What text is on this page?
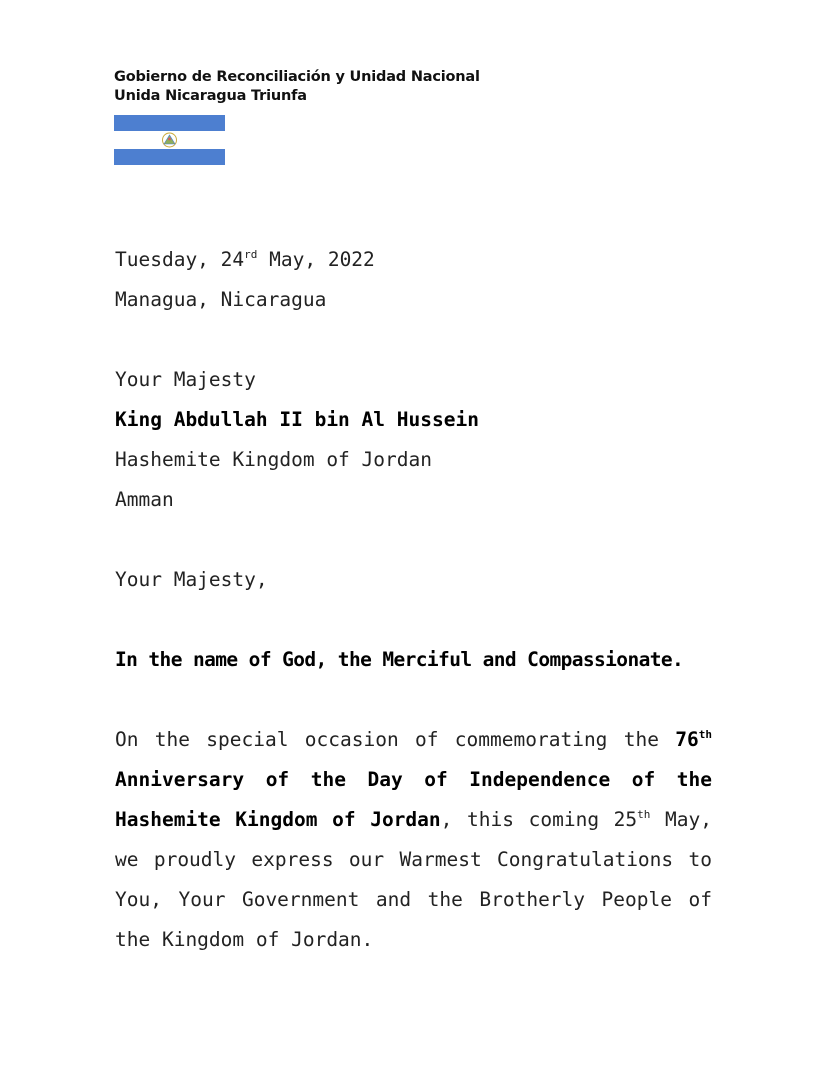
Gobierno de Reconciliación y Unidad Nacional
Unida Nicaragua Triunfa
Tuesday, 24rd May, 2022
Managua, Nicaragua
Your Majesty
King Abdullah II bin Al Hussein
Hashemite Kingdom of Jordan
Amman
Your Majesty,
In the name of God, the Merciful and Compassionate.
On the special occasion of commemorating the 76th Anniversary of the Day of Independence of the Hashemite Kingdom of Jordan, this coming 25th May, we proudly express our Warmest Congratulations to You, Your Government and the Brotherly People of the Kingdom of Jordan.
